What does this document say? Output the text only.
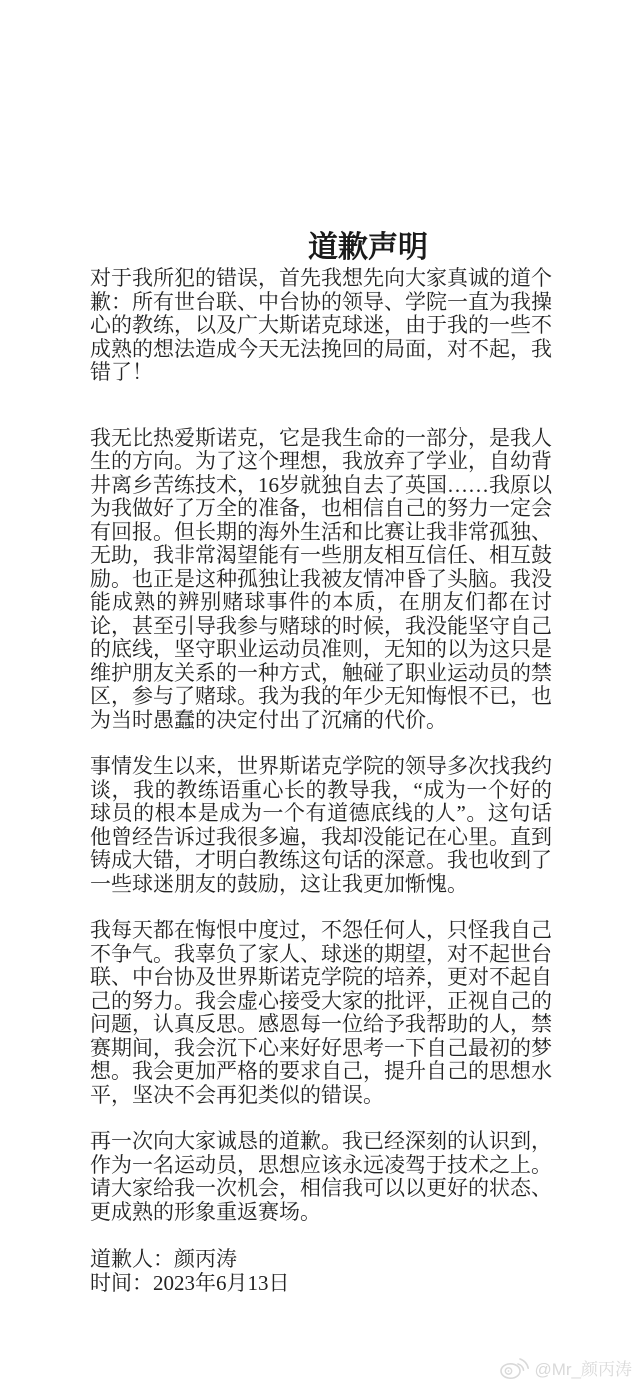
道歉声明

对于我所犯的错误，首先我想先向大家真诚的道个歉：所有世台联、中台协的领导、学院一直为我操心的教练，以及广大斯诺克球迷，由于我的一些不成熟的想法造成今天无法挽回的局面，对不起，我错了！

我无比热爱斯诺克，它是我生命的一部分，是我人生的方向。为了这个理想，我放弃了学业，自幼背井离乡苦练技术，16岁就独自去了英国……我原以为我做好了万全的准备，也相信自己的努力一定会有回报。但长期的海外生活和比赛让我非常孤独、无助，我非常渴望能有一些朋友相互信任、相互鼓励。也正是这种孤独让我被友情冲昏了头脑。我没能成熟的辨别赌球事件的本质，在朋友们都在讨论，甚至引导我参与赌球的时候，我没能坚守自己的底线，坚守职业运动员准则，无知的以为这只是维护朋友关系的一种方式，触碰了职业运动员的禁区，参与了赌球。我为我的年少无知悔恨不已，也为当时愚蠢的决定付出了沉痛的代价。

事情发生以来，世界斯诺克学院的领导多次找我约谈，我的教练语重心长的教导我，“成为一个好的球员的根本是成为一个有道德底线的人”。这句话他曾经告诉过我很多遍，我却没能记在心里。直到铸成大错，才明白教练这句话的深意。我也收到了一些球迷朋友的鼓励，这让我更加惭愧。

我每天都在悔恨中度过，不怨任何人，只怪我自己不争气。我辜负了家人、球迷的期望，对不起世台联、中台协及世界斯诺克学院的培养，更对不起自己的努力。我会虚心接受大家的批评，正视自己的问题，认真反思。感恩每一位给予我帮助的人，禁赛期间，我会沉下心来好好思考一下自己最初的梦想。我会更加严格的要求自己，提升自己的思想水平，坚决不会再犯类似的错误。

再一次向大家诚恳的道歉。我已经深刻的认识到，作为一名运动员，思想应该永远凌驾于技术之上。请大家给我一次机会，相信我可以以更好的状态、更成熟的形象重返赛场。

道歉人：颜丙涛
时间：2023年6月13日
@Mr_颜丙涛
